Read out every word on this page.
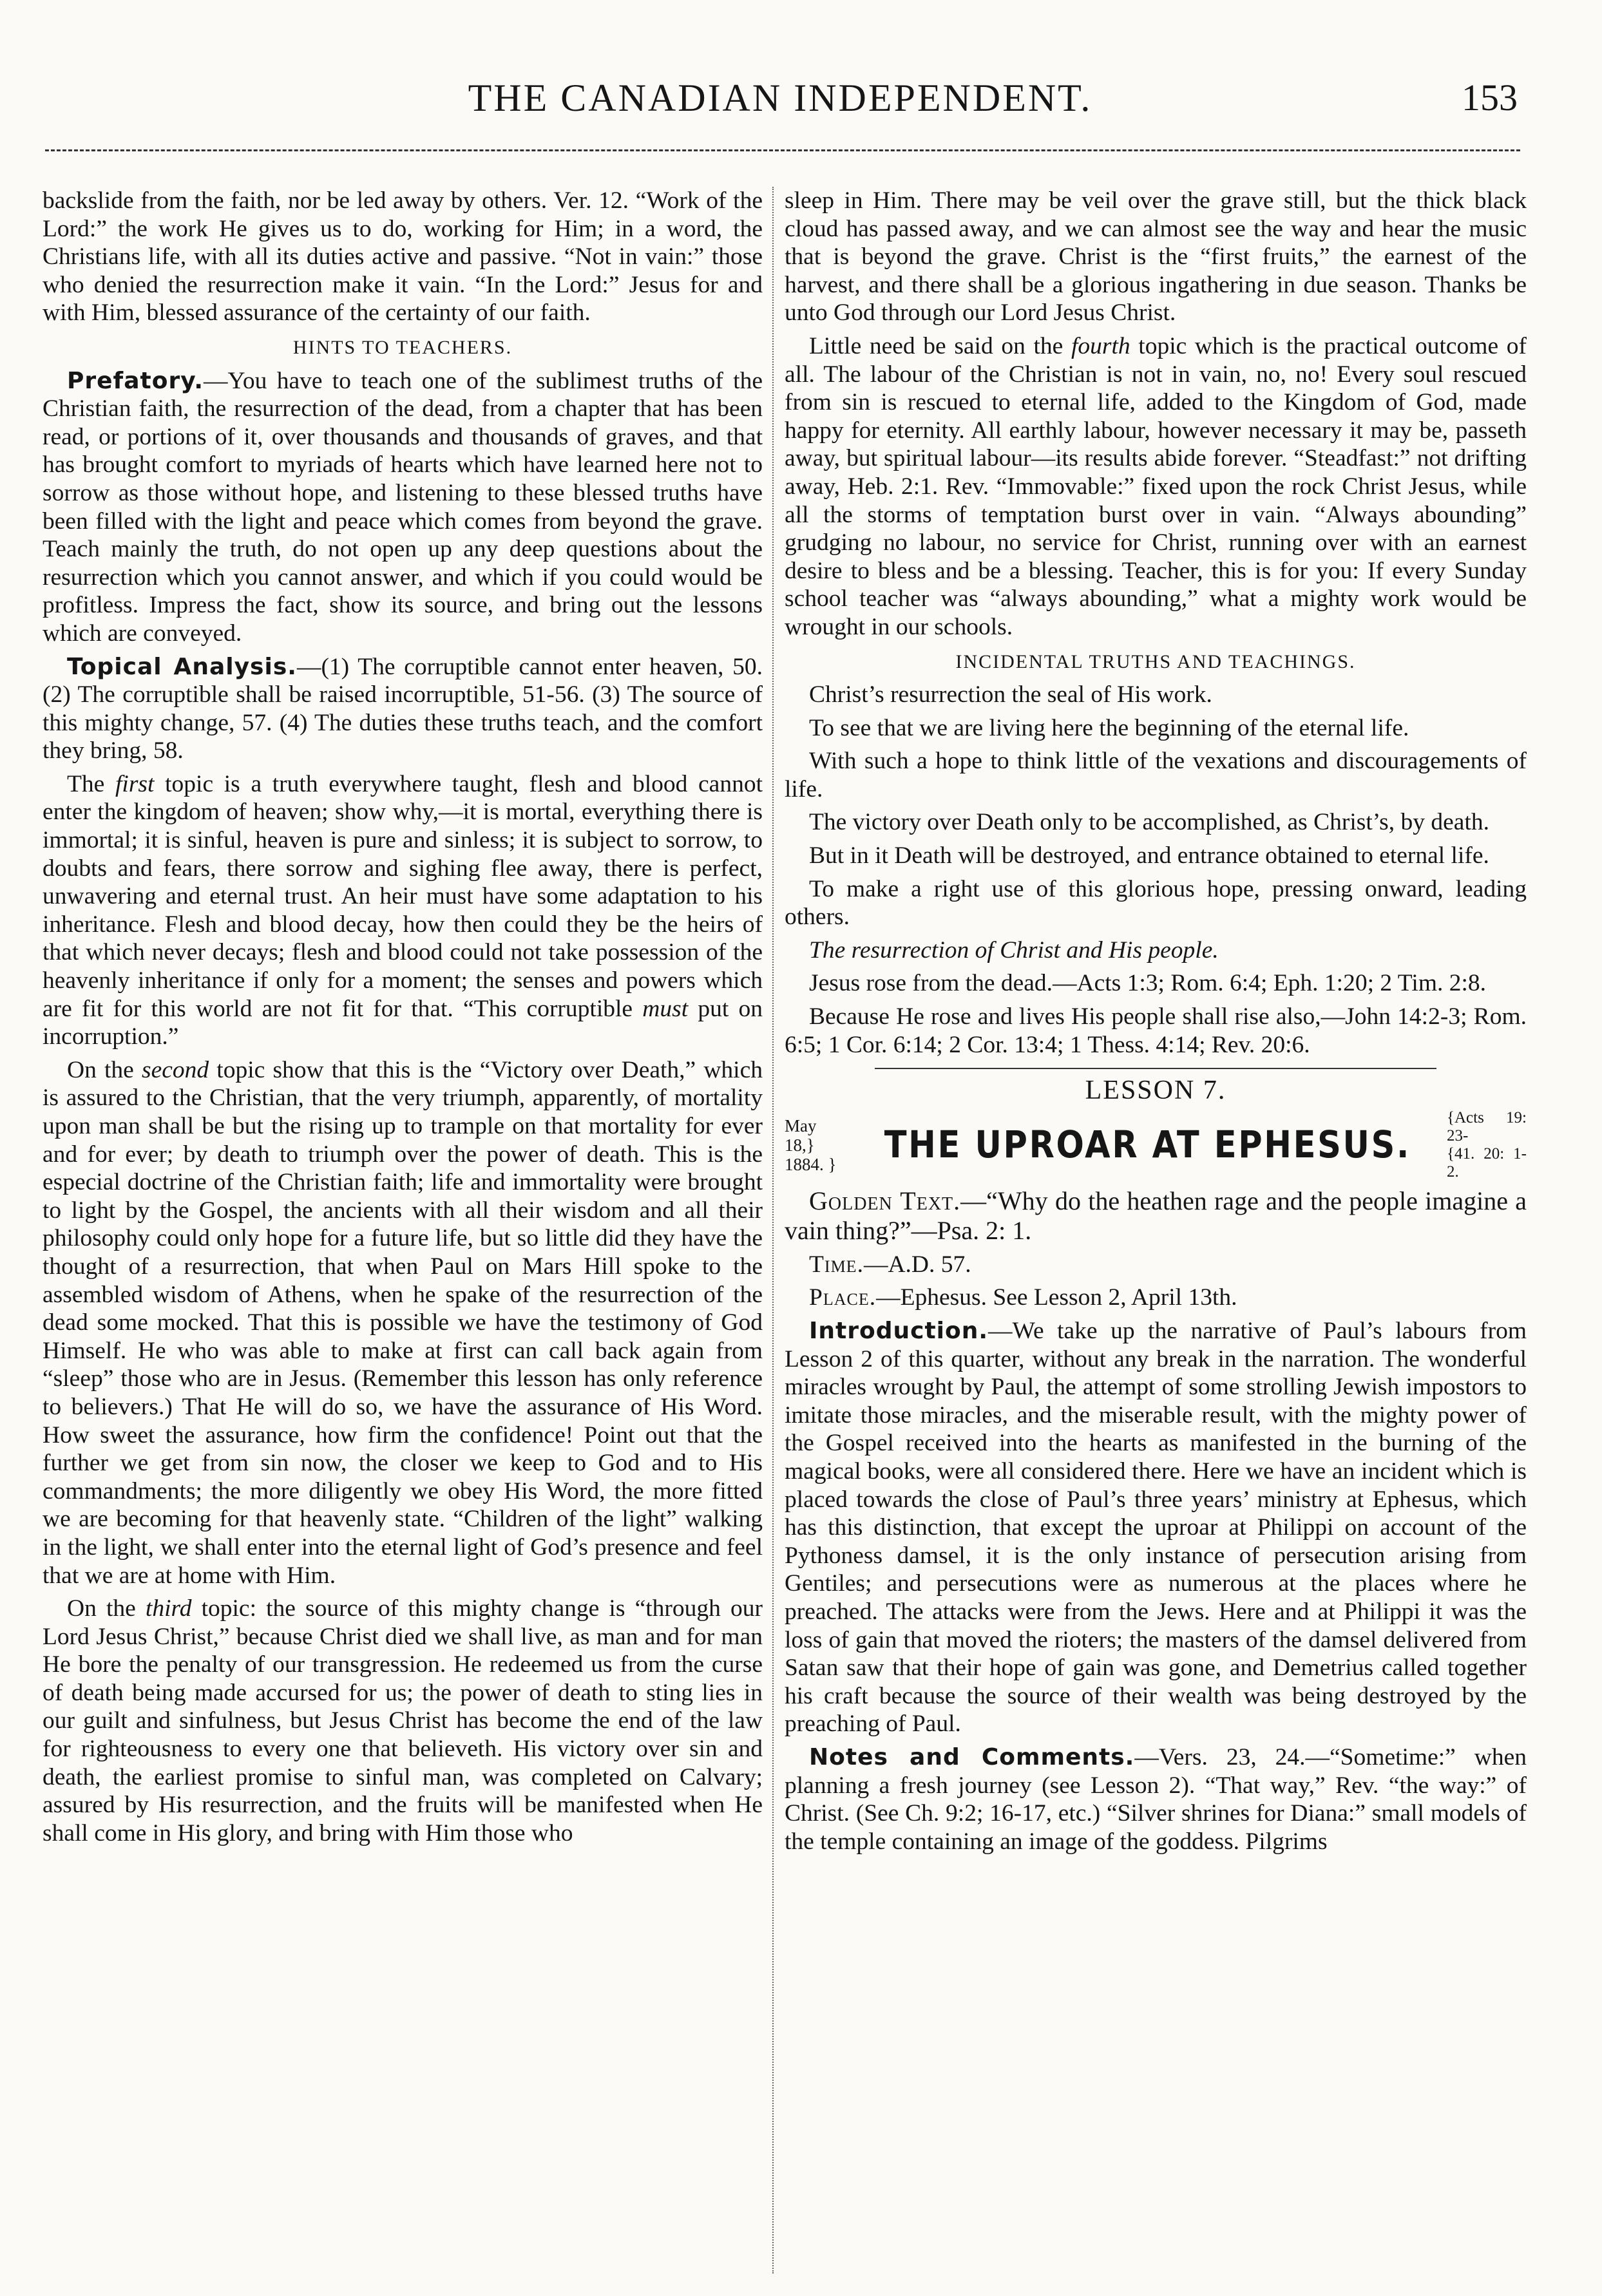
THE CANADIAN INDEPENDENT.	153

backslide from the faith, nor be led away by others. Ver. 12. “Work of the Lord:” the work He gives us to do, working for Him; in a word, the Christians life, with all its duties active and passive. “Not in vain:” those who denied the resurrection make it vain. “In the Lord:” Jesus for and with Him, blessed assurance of the certainty of our faith.

HINTS TO TEACHERS.

Prefatory.—You have to teach one of the sublimest truths of the Christian faith, the resurrection of the dead, from a chapter that has been read, or portions of it, over thousands and thousands of graves, and that has brought comfort to myriads of hearts which have learned here not to sorrow as those without hope, and listening to these blessed truths have been filled with the light and peace which comes from beyond the grave. Teach mainly the truth, do not open up any deep questions about the resurrection which you cannot answer, and which if you could would be profitless. Impress the fact, show its source, and bring out the lessons which are conveyed.

Topical Analysis.—(1) The corruptible cannot enter heaven, 50. (2) The corruptible shall be raised incorruptible, 51-56. (3) The source of this mighty change, 57. (4) The duties these truths teach, and the comfort they bring, 58.

The first topic is a truth everywhere taught, flesh and blood cannot enter the kingdom of heaven; show why,—it is mortal, everything there is immortal; it is sinful, heaven is pure and sinless; it is subject to sorrow, to doubts and fears, there sorrow and sighing flee away, there is perfect, unwavering and eternal trust. An heir must have some adaptation to his inheritance. Flesh and blood decay, how then could they be the heirs of that which never decays; flesh and blood could not take possession of the heavenly inheritance if only for a moment; the senses and powers which are fit for this world are not fit for that. “This corruptible must put on incorruption.”

On the second topic show that this is the “Victory over Death,” which is assured to the Christian, that the very triumph, apparently, of mortality upon man shall be but the rising up to trample on that mortality for ever and for ever; by death to triumph over the power of death. This is the especial doctrine of the Christian faith; life and immortality were brought to light by the Gospel, the ancients with all their wisdom and all their philosophy could only hope for a future life, but so little did they have the thought of a resurrection, that when Paul on Mars Hill spoke to the assembled wisdom of Athens, when he spake of the resurrection of the dead some mocked. That this is possible we have the testimony of God Himself. He who was able to make at first can call back again from “sleep” those who are in Jesus. (Remember this lesson has only reference to believers.) That He will do so, we have the assurance of His Word. How sweet the assurance, how firm the confidence! Point out that the further we get from sin now, the closer we keep to God and to His commandments; the more diligently we obey His Word, the more fitted we are becoming for that heavenly state. “Children of the light” walking in the light, we shall enter into the eternal light of God’s presence and feel that we are at home with Him.

On the third topic: the source of this mighty change is “through our Lord Jesus Christ,” because Christ died we shall live, as man and for man He bore the penalty of our transgression. He redeemed us from the curse of death being made accursed for us; the power of death to sting lies in our guilt and sinfulness, but Jesus Christ has become the end of the law for righteousness to every one that believeth. His victory over sin and death, the earliest promise to sinful man, was completed on Calvary; assured by His resurrection, and the fruits will be manifested when He shall come in His glory, and bring with Him those who

sleep in Him. There may be veil over the grave still, but the thick black cloud has passed away, and we can almost see the way and hear the music that is beyond the grave. Christ is the “first fruits,” the earnest of the harvest, and there shall be a glorious ingathering in due season. Thanks be unto God through our Lord Jesus Christ.

Little need be said on the fourth topic which is the practical outcome of all. The labour of the Christian is not in vain, no, no! Every soul rescued from sin is rescued to eternal life, added to the Kingdom of God, made happy for eternity. All earthly labour, however necessary it may be, passeth away, but spiritual labour—its results abide forever. “Steadfast:” not drifting away, Heb. 2:1. Rev. “Immovable:” fixed upon the rock Christ Jesus, while all the storms of temptation burst over in vain. “Always abounding” grudging no labour, no service for Christ, running over with an earnest desire to bless and be a blessing. Teacher, this is for you: If every Sunday school teacher was “always abounding,” what a mighty work would be wrought in our schools.

INCIDENTAL TRUTHS AND TEACHINGS.

Christ’s resurrection the seal of His work.

To see that we are living here the beginning of the eternal life.

With such a hope to think little of the vexations and discouragements of life.

The victory over Death only to be accomplished, as Christ’s, by death.

But in it Death will be destroyed, and entrance obtained to eternal life.

To make a right use of this glorious hope, pressing onward, leading others.

The resurrection of Christ and His people.

Jesus rose from the dead.—Acts 1:3; Rom. 6:4; Eph. 1:20; 2 Tim. 2:8.

Because He rose and lives His people shall rise also,—John 14:2-3; Rom. 6:5; 1 Cor. 6:14; 2 Cor. 13:4; 1 Thess. 4:14; Rev. 20:6.

LESSON 7.
May 18,}
1884. }	THE UPROAR AT EPHESUS.
{Acts 19: 23-
{41. 20: 1-2.

Golden Text.—“Why do the heathen rage and the people imagine a vain thing?”—Psa. 2: 1.

Time.—A.D. 57.

Place.—Ephesus. See Lesson 2, April 13th.

Introduction.—We take up the narrative of Paul’s labours from Lesson 2 of this quarter, without any break in the narration. The wonderful miracles wrought by Paul, the attempt of some strolling Jewish impostors to imitate those miracles, and the miserable result, with the mighty power of the Gospel received into the hearts as manifested in the burning of the magical books, were all considered there. Here we have an incident which is placed towards the close of Paul’s three years’ ministry at Ephesus, which has this distinction, that except the uproar at Philippi on account of the Pythoness damsel, it is the only instance of persecution arising from Gentiles; and persecutions were as numerous at the places where he preached. The attacks were from the Jews. Here and at Philippi it was the loss of gain that moved the rioters; the masters of the damsel delivered from Satan saw that their hope of gain was gone, and Demetrius called together his craft because the source of their wealth was being destroyed by the preaching of Paul.

Notes and Comments.—Vers. 23, 24.—“Sometime:” when planning a fresh journey (see Lesson 2). “That way,” Rev. “the way:” of Christ. (See Ch. 9:2; 16-17, etc.) “Silver shrines for Diana:” small models of the temple containing an image of the goddess. Pilgrims
